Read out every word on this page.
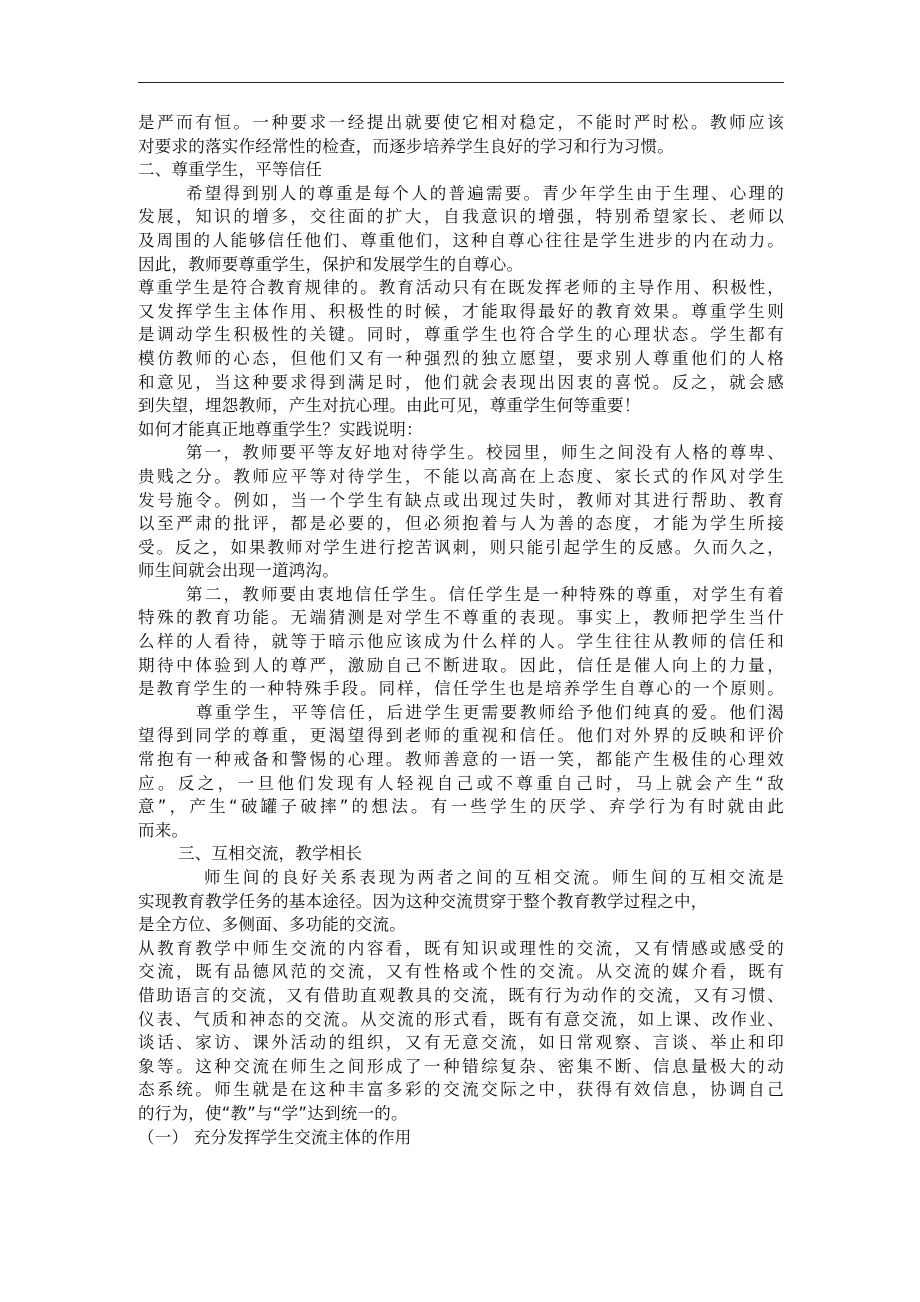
是严而有恒。一种要求一经提出就要使它相对稳定，不能时严时松。教师应该
对要求的落实作经常性的检查，而逐步培养学生良好的学习和行为习惯。
二、尊重学生，平等信任
希望得到别人的尊重是每个人的普遍需要。青少年学生由于生理、心理的
发展，知识的增多，交往面的扩大，自我意识的增强，特别希望家长、老师以
及周围的人能够信任他们、尊重他们，这种自尊心往往是学生进步的内在动力。
因此，教师要尊重学生，保护和发展学生的自尊心。
尊重学生是符合教育规律的。教育活动只有在既发挥老师的主导作用、积极性，
又发挥学生主体作用、积极性的时候，才能取得最好的教育效果。尊重学生则
是调动学生积极性的关键。同时，尊重学生也符合学生的心理状态。学生都有
模仿教师的心态，但他们又有一种强烈的独立愿望，要求别人尊重他们的人格
和意见，当这种要求得到满足时，他们就会表现出因衷的喜悦。反之，就会感
到失望，埋怨教师，产生对抗心理。由此可见，尊重学生何等重要！
如何才能真正地尊重学生？实践说明：
第一，教师要平等友好地对待学生。校园里，师生之间没有人格的尊卑、
贵贱之分。教师应平等对待学生，不能以高高在上态度、家长式的作风对学生
发号施令。例如，当一个学生有缺点或出现过失时，教师对其进行帮助、教育
以至严肃的批评，都是必要的，但必须抱着与人为善的态度，才能为学生所接
受。反之，如果教师对学生进行挖苦讽刺，则只能引起学生的反感。久而久之，
师生间就会出现一道鸿沟。
第二，教师要由衷地信任学生。信任学生是一种特殊的尊重，对学生有着
特殊的教育功能。无端猜测是对学生不尊重的表现。事实上，教师把学生当什
么样的人看待，就等于暗示他应该成为什么样的人。学生往往从教师的信任和
期待中体验到人的尊严，激励自己不断进取。因此，信任是催人向上的力量，
是教育学生的一种特殊手段。同样，信任学生也是培养学生自尊心的一个原则。
尊重学生，平等信任，后进学生更需要教师给予他们纯真的爱。他们渴
望得到同学的尊重，更渴望得到老师的重视和信任。他们对外界的反映和评价
常抱有一种戒备和警惕的心理。教师善意的一语一笑，都能产生极佳的心理效
应。反之，一旦他们发现有人轻视自己或不尊重自己时，马上就会产生“敌
意”，产生“破罐子破摔”的想法。有一些学生的厌学、弃学行为有时就由此
而来。
三、互相交流，教学相长
师生间的良好关系表现为两者之间的互相交流。师生间的互相交流是
实现教育教学任务的基本途径。因为这种交流贯穿于整个教育教学过程之中，
是全方位、多侧面、多功能的交流。
从教育教学中师生交流的内容看，既有知识或理性的交流，又有情感或感受的
交流，既有品德风范的交流，又有性格或个性的交流。从交流的媒介看，既有
借助语言的交流，又有借助直观教具的交流，既有行为动作的交流，又有习惯、
仪表、气质和神态的交流。从交流的形式看，既有有意交流，如上课、改作业、
谈话、家访、课外活动的组织，又有无意交流，如日常观察、言谈、举止和印
象等。这种交流在师生之间形成了一种错综复杂、密集不断、信息量极大的动
态系统。师生就是在这种丰富多彩的交流交际之中，获得有效信息，协调自己
的行为，使“教”与“学”达到统一的。
（一） 充分发挥学生交流主体的作用
